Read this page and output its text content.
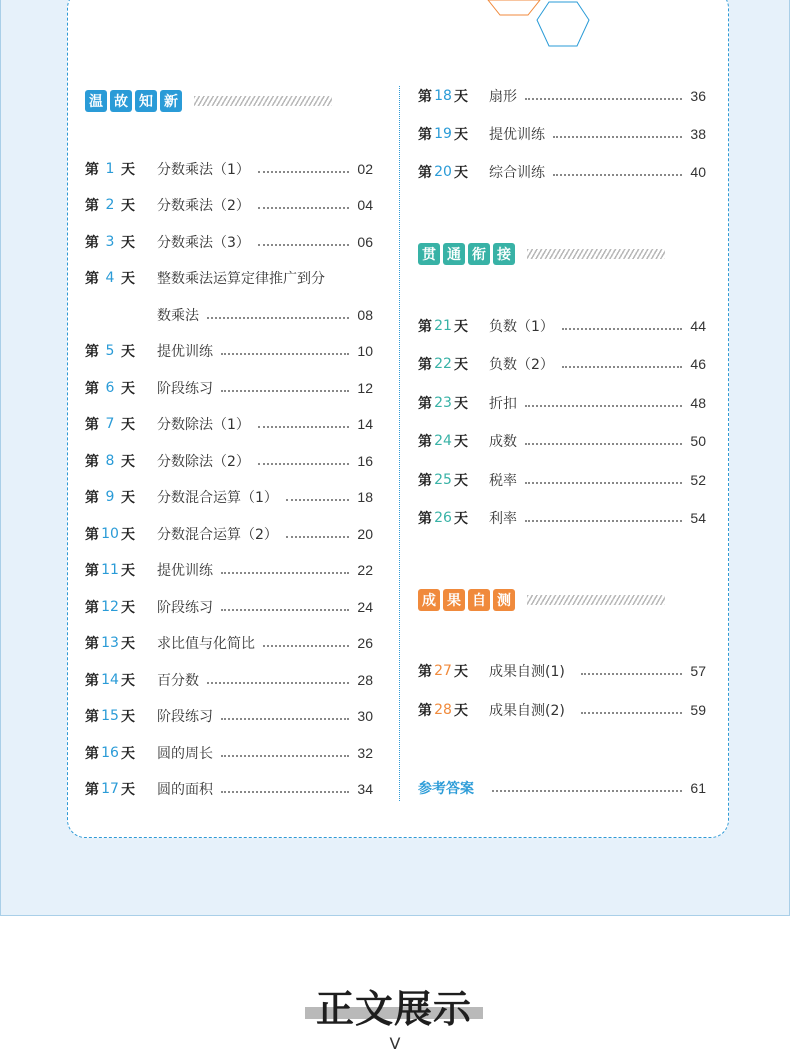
温 故 知 新
贯 通 衔 接
成 果 自 测
第 1 天 分数乘法（1）	02
第 2 天 分数乘法（2）	04
第 3 天 分数乘法（3）	06
第 4 天 整数乘法运算定律推广到分
数乘法	08
第 5 天 提优训练	10
第 6 天 阶段练习	12
第 7 天 分数除法（1）	14
第 8 天 分数除法（2）	16
第 9 天 分数混合运算（1）	18
第 10 天 分数混合运算（2）	20
第 11 天 提优训练	22
第 12 天 阶段练习	24
第 13 天 求比值与化简比	26
第 14 天 百分数	28
第 15 天 阶段练习	30
第 16 天 圆的周长	32
第 17 天 圆的面积	34
第 18 天 扇形	36
第 19 天 提优训练	38
第 20 天 综合训练	40
第 21 天 负数（1）	44
第 22 天 负数（2）	46
第 23 天 折扣	48
第 24 天 成数	50
第 25 天 税率	52
第 26 天 利率	54
第 27 天 成果自测(1)	57
第 28 天 成果自测(2)	59
参考答案	61
正文展示
V
